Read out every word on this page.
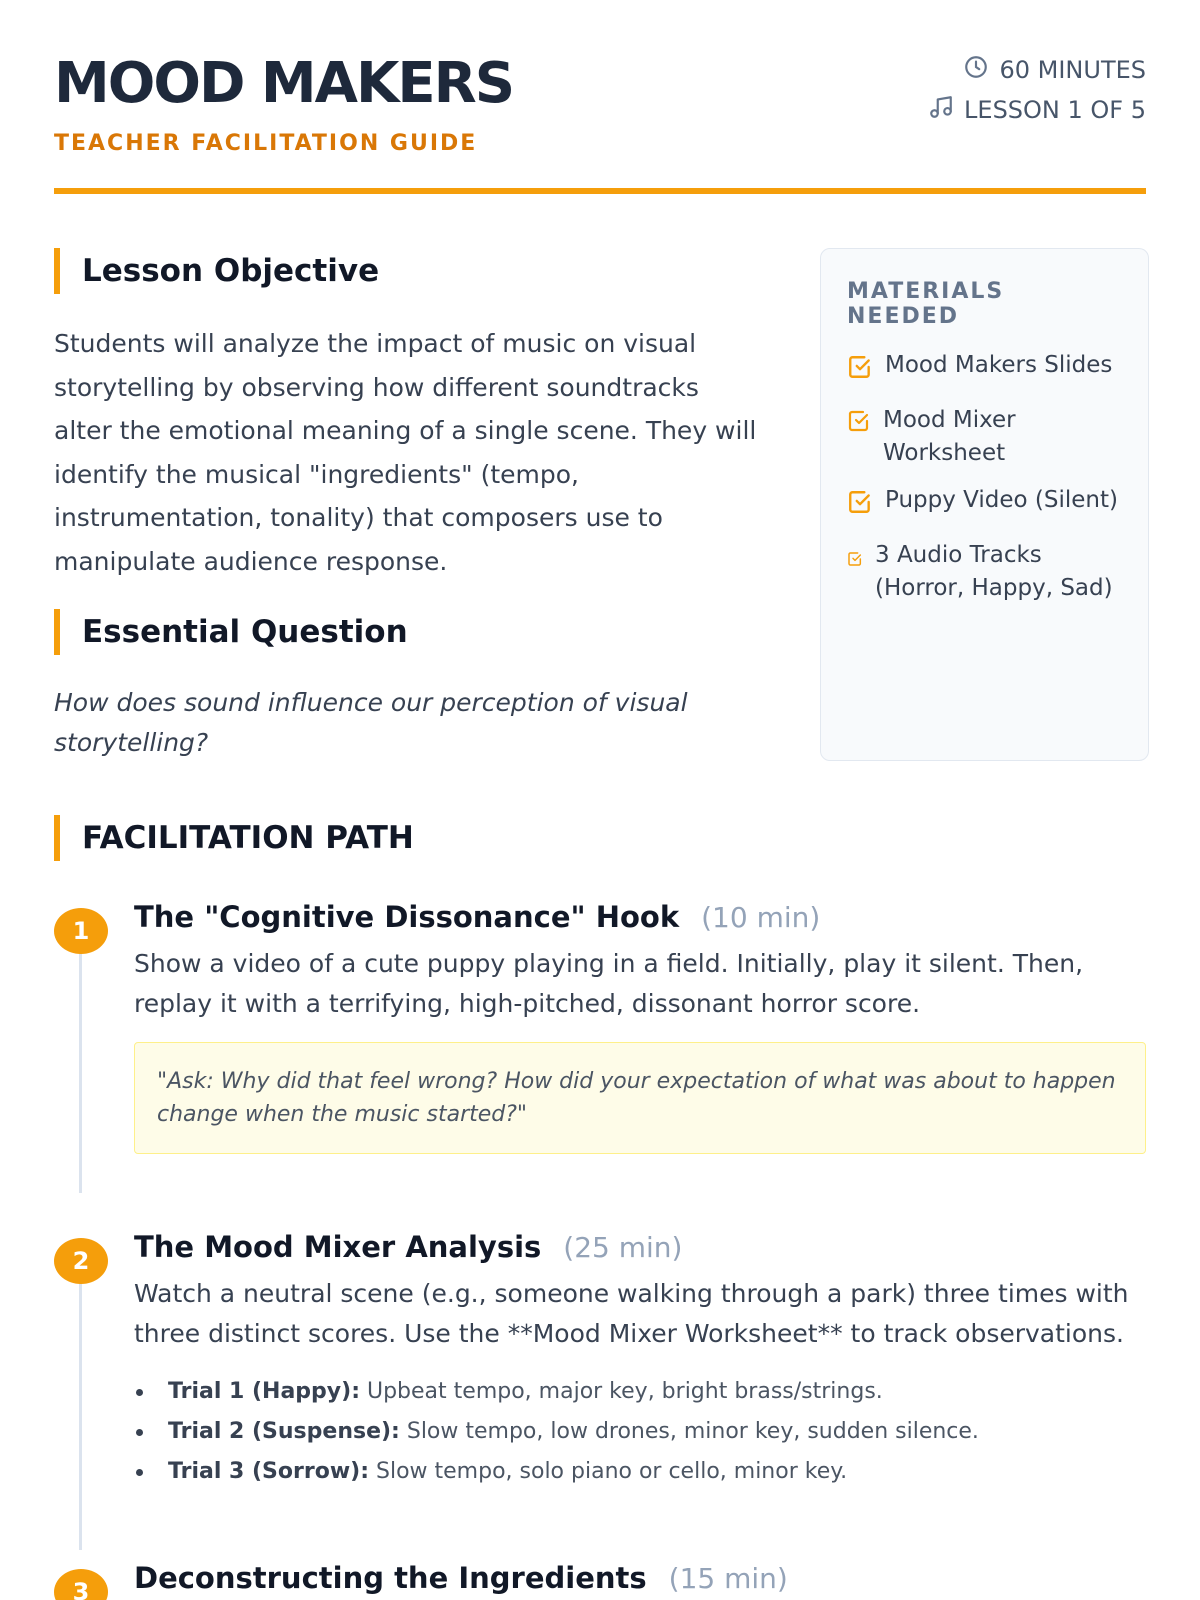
MOOD MAKERS
TEACHER FACILITATION GUIDE
60 MINUTES
LESSON 1 OF 5
Lesson Objective
Students will analyze the impact of music on visual storytelling by observing how different soundtracks alter the emotional meaning of a single scene. They will identify the musical "ingredients" (tempo, instrumentation, tonality) that composers use to manipulate audience response.
Essential Question
How does sound influence our perception of visual storytelling?
MATERIALS NEEDED
Mood Makers Slides
Mood Mixer Worksheet
Puppy Video (Silent)
3 Audio Tracks (Horror, Happy, Sad)
FACILITATION PATH
1	The "Cognitive Dissonance" Hook (10 min)
Show a video of a cute puppy playing in a field. Initially, play it silent. Then, replay it with a terrifying, high-pitched, dissonant horror score.
"Ask: Why did that feel wrong? How did your expectation of what was about to happen change when the music started?"
2	The Mood Mixer Analysis (25 min)
Watch a neutral scene (e.g., someone walking through a park) three times with three distinct scores. Use the **Mood Mixer Worksheet** to track observations.
Trial 1 (Happy): Upbeat tempo, major key, bright brass/strings.
Trial 2 (Suspense): Slow tempo, low drones, minor key, sudden silence.
Trial 3 (Sorrow): Slow tempo, solo piano or cello, minor key.
3	Deconstructing the Ingredients (15 min)
